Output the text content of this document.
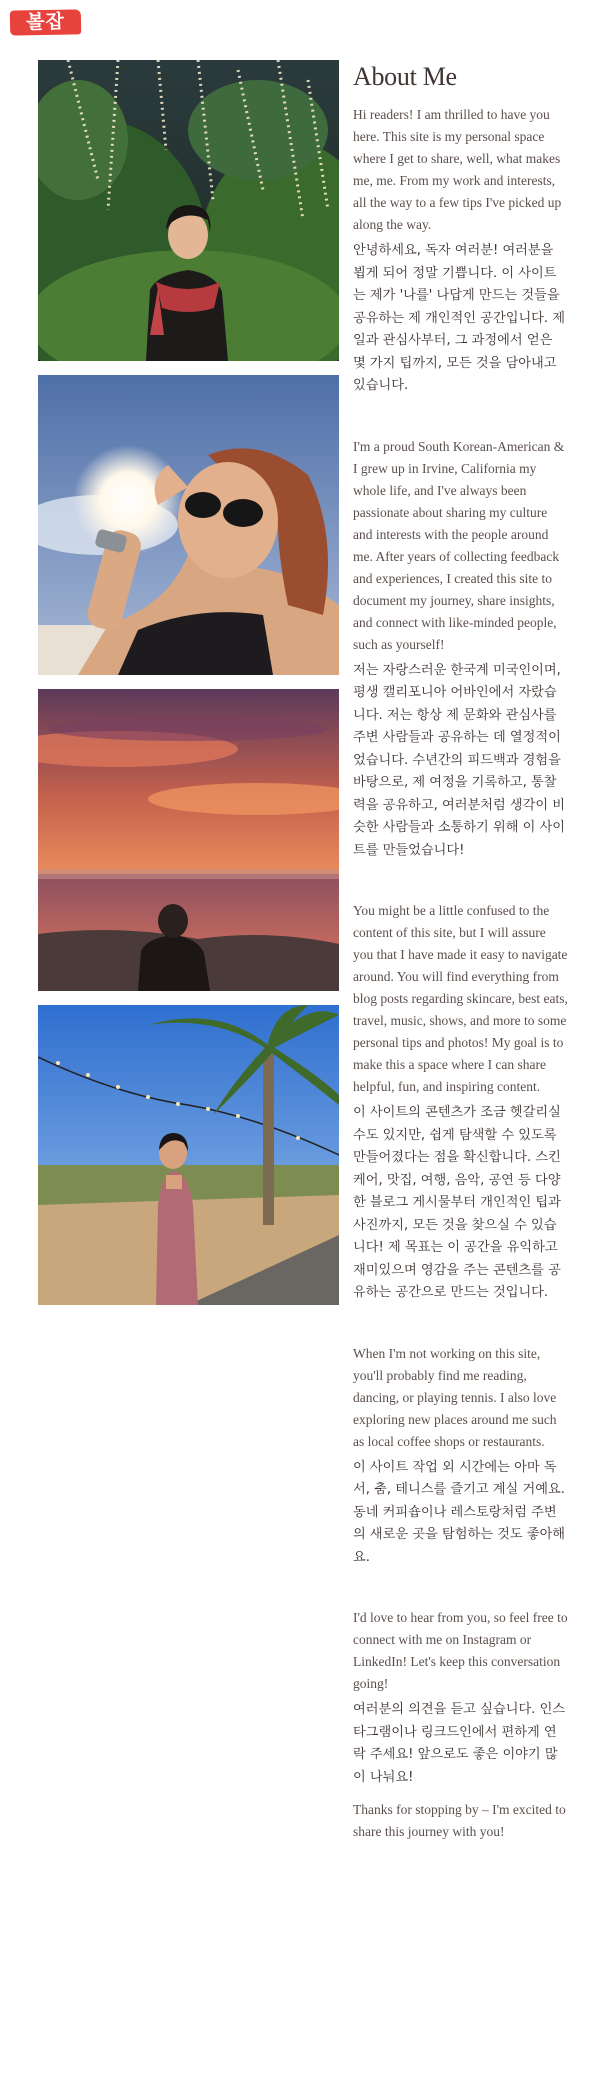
볼잡
About Me

Hi readers! I am thrilled to have you here. This site is my personal space where I get to share, well, what makes me, me. From my work and interests, all the way to a few tips I've picked up along the way.

안녕하세요, 독자 여러분! 여러분을 뵙게 되어 정말 기쁩니다. 이 사이트는 제가 '나를' 나답게 만드는 것들을 공유하는 제 개인적인 공간입니다. 제 일과 관심사부터, 그 과정에서 얻은 몇 가지 팁까지, 모든 것을 담아내고 있습니다.

I'm a proud South Korean-American & I grew up in Irvine, California my whole life, and I've always been passionate about sharing my culture and interests with the people around me. After years of collecting feedback and experiences, I created this site to document my journey, share insights, and connect with like-minded people, such as yourself!

저는 자랑스러운 한국계 미국인이며, 평생 캘리포니아 어바인에서 자랐습니다. 저는 항상 제 문화와 관심사를 주변 사람들과 공유하는 데 열정적이었습니다. 수년간의 피드백과 경험을 바탕으로, 제 여정을 기록하고, 통찰력을 공유하고, 여러분처럼 생각이 비슷한 사람들과 소통하기 위해 이 사이트를 만들었습니다!

You might be a little confused to the content of this site, but I will assure you that I have made it easy to navigate around. You will find everything from blog posts regarding skincare, best eats, travel, music, shows, and more to some personal tips and photos! My goal is to make this a space where I can share helpful, fun, and inspiring content.

이 사이트의 콘텐츠가 조금 헷갈리실 수도 있지만, 쉽게 탐색할 수 있도록 만들어졌다는 점을 확신합니다. 스킨케어, 맛집, 여행, 음악, 공연 등 다양한 블로그 게시물부터 개인적인 팁과 사진까지, 모든 것을 찾으실 수 있습니다! 제 목표는 이 공간을 유익하고 재미있으며 영감을 주는 콘텐츠를 공유하는 공간으로 만드는 것입니다.

When I'm not working on this site, you'll probably find me reading, dancing, or playing tennis. I also love exploring new places around me such as local coffee shops or restaurants.

이 사이트 작업 외 시간에는 아마 독서, 춤, 테니스를 즐기고 계실 거예요. 동네 커피숍이나 레스토랑처럼 주변의 새로운 곳을 탐험하는 것도 좋아해요.

I'd love to hear from you, so feel free to connect with me on Instagram or LinkedIn! Let's keep this conversation going!

여러분의 의견을 듣고 싶습니다. 인스타그램이나 링크드인에서 편하게 연락 주세요! 앞으로도 좋은 이야기 많이 나눠요!

Thanks for stopping by – I'm excited to share this journey with you!
